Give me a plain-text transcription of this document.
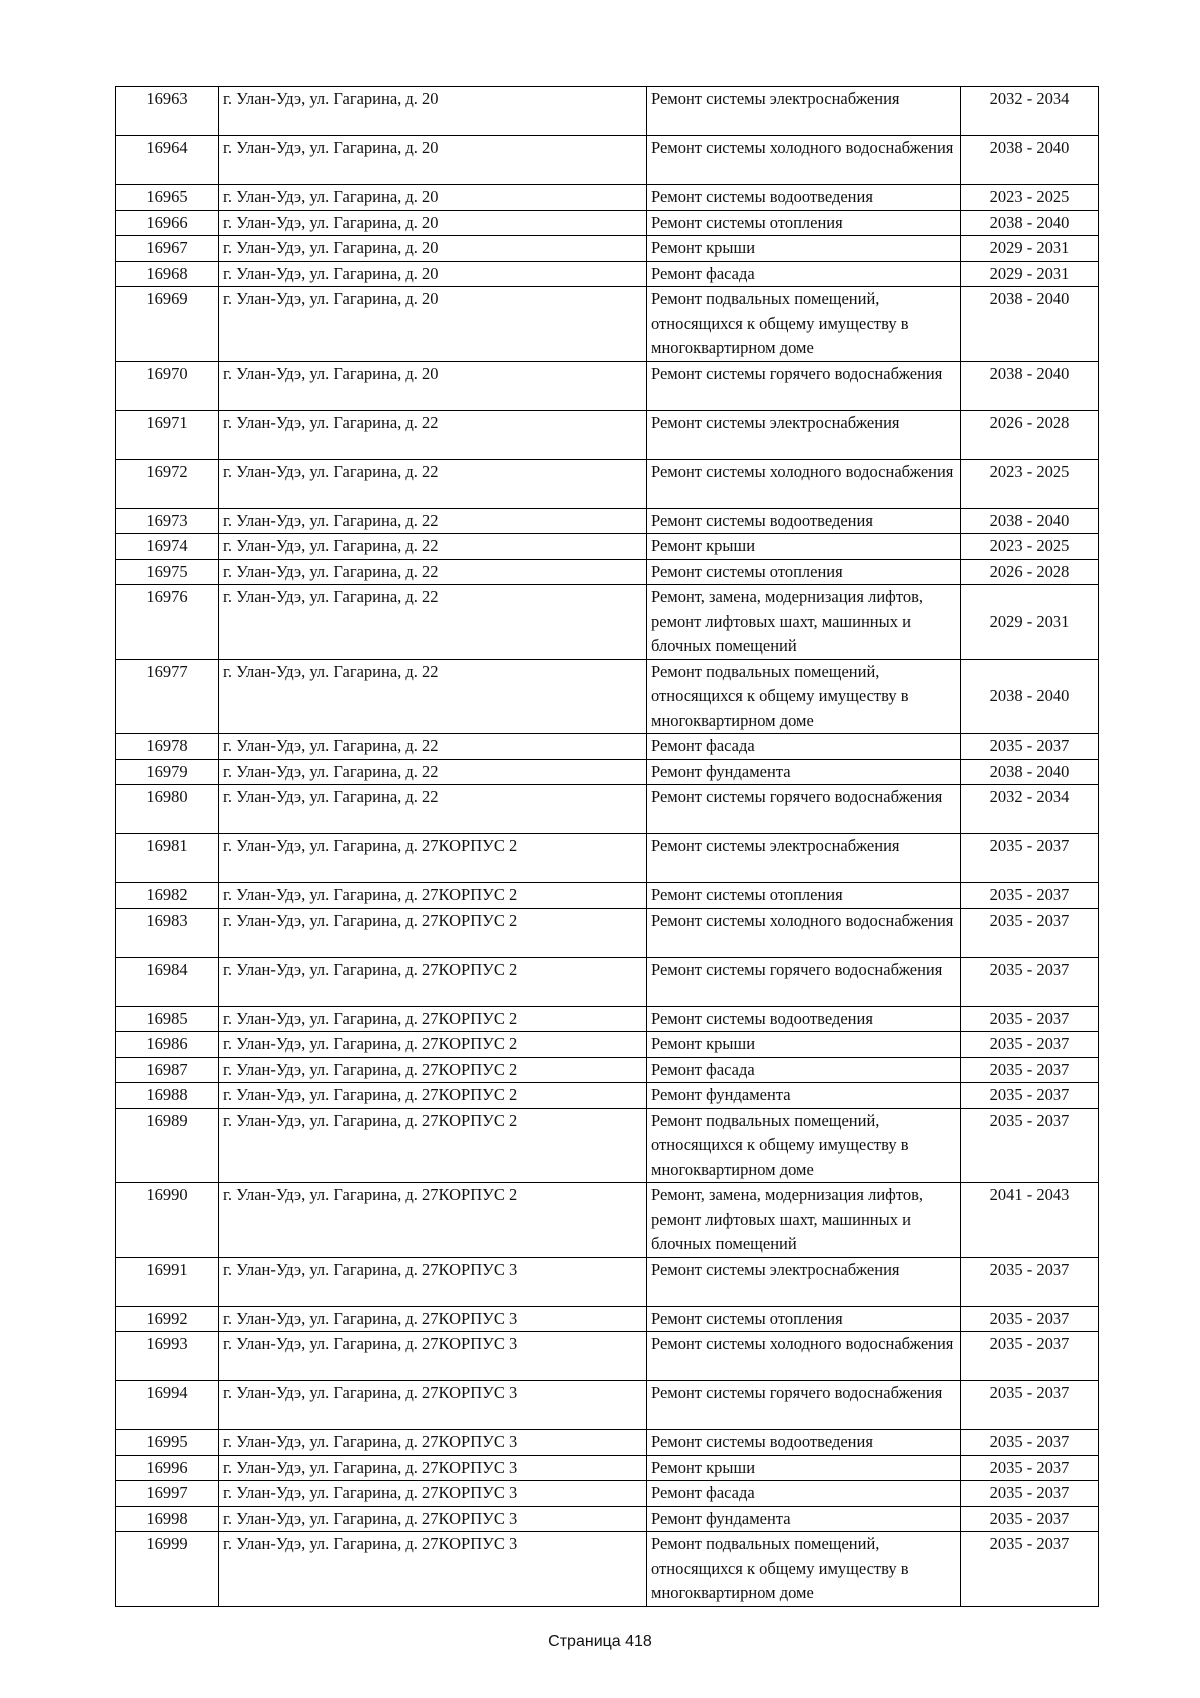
16963	г. Улан-Удэ, ул. Гагарина, д. 20	Ремонт системы электроснабжения	2032 - 2034
16964	г. Улан-Удэ, ул. Гагарина, д. 20	Ремонт системы холодного водоснабжения	2038 - 2040
16965	г. Улан-Удэ, ул. Гагарина, д. 20	Ремонт системы водоотведения	2023 - 2025
16966	г. Улан-Удэ, ул. Гагарина, д. 20	Ремонт системы отопления	2038 - 2040
16967	г. Улан-Удэ, ул. Гагарина, д. 20	Ремонт крыши	2029 - 2031
16968	г. Улан-Удэ, ул. Гагарина, д. 20	Ремонт фасада	2029 - 2031
16969	г. Улан-Удэ, ул. Гагарина, д. 20	Ремонт подвальных помещений, относящихся к общему имуществу в многоквартирном доме	2038 - 2040
16970	г. Улан-Удэ, ул. Гагарина, д. 20	Ремонт системы горячего водоснабжения	2038 - 2040
16971	г. Улан-Удэ, ул. Гагарина, д. 22	Ремонт системы электроснабжения	2026 - 2028
16972	г. Улан-Удэ, ул. Гагарина, д. 22	Ремонт системы холодного водоснабжения	2023 - 2025
16973	г. Улан-Удэ, ул. Гагарина, д. 22	Ремонт системы водоотведения	2038 - 2040
16974	г. Улан-Удэ, ул. Гагарина, д. 22	Ремонт крыши	2023 - 2025
16975	г. Улан-Удэ, ул. Гагарина, д. 22	Ремонт системы отопления	2026 - 2028
16976	г. Улан-Удэ, ул. Гагарина, д. 22	Ремонт, замена, модернизация лифтов, ремонт лифтовых шахт, машинных и блочных помещений	2029 - 2031
16977	г. Улан-Удэ, ул. Гагарина, д. 22	Ремонт подвальных помещений, относящихся к общему имуществу в многоквартирном доме	2038 - 2040
16978	г. Улан-Удэ, ул. Гагарина, д. 22	Ремонт фасада	2035 - 2037
16979	г. Улан-Удэ, ул. Гагарина, д. 22	Ремонт фундамента	2038 - 2040
16980	г. Улан-Удэ, ул. Гагарина, д. 22	Ремонт системы горячего водоснабжения	2032 - 2034
16981	г. Улан-Удэ, ул. Гагарина, д. 27КОРПУС 2	Ремонт системы электроснабжения	2035 - 2037
16982	г. Улан-Удэ, ул. Гагарина, д. 27КОРПУС 2	Ремонт системы отопления	2035 - 2037
16983	г. Улан-Удэ, ул. Гагарина, д. 27КОРПУС 2	Ремонт системы холодного водоснабжения	2035 - 2037
16984	г. Улан-Удэ, ул. Гагарина, д. 27КОРПУС 2	Ремонт системы горячего водоснабжения	2035 - 2037
16985	г. Улан-Удэ, ул. Гагарина, д. 27КОРПУС 2	Ремонт системы водоотведения	2035 - 2037
16986	г. Улан-Удэ, ул. Гагарина, д. 27КОРПУС 2	Ремонт крыши	2035 - 2037
16987	г. Улан-Удэ, ул. Гагарина, д. 27КОРПУС 2	Ремонт фасада	2035 - 2037
16988	г. Улан-Удэ, ул. Гагарина, д. 27КОРПУС 2	Ремонт фундамента	2035 - 2037
16989	г. Улан-Удэ, ул. Гагарина, д. 27КОРПУС 2	Ремонт подвальных помещений, относящихся к общему имуществу в многоквартирном доме	2035 - 2037
16990	г. Улан-Удэ, ул. Гагарина, д. 27КОРПУС 2	Ремонт, замена, модернизация лифтов, ремонт лифтовых шахт, машинных и блочных помещений	2041 - 2043
16991	г. Улан-Удэ, ул. Гагарина, д. 27КОРПУС 3	Ремонт системы электроснабжения	2035 - 2037
16992	г. Улан-Удэ, ул. Гагарина, д. 27КОРПУС 3	Ремонт системы отопления	2035 - 2037
16993	г. Улан-Удэ, ул. Гагарина, д. 27КОРПУС 3	Ремонт системы холодного водоснабжения	2035 - 2037
16994	г. Улан-Удэ, ул. Гагарина, д. 27КОРПУС 3	Ремонт системы горячего водоснабжения	2035 - 2037
16995	г. Улан-Удэ, ул. Гагарина, д. 27КОРПУС 3	Ремонт системы водоотведения	2035 - 2037
16996	г. Улан-Удэ, ул. Гагарина, д. 27КОРПУС 3	Ремонт крыши	2035 - 2037
16997	г. Улан-Удэ, ул. Гагарина, д. 27КОРПУС 3	Ремонт фасада	2035 - 2037
16998	г. Улан-Удэ, ул. Гагарина, д. 27КОРПУС 3	Ремонт фундамента	2035 - 2037
16999	г. Улан-Удэ, ул. Гагарина, д. 27КОРПУС 3	Ремонт подвальных помещений, относящихся к общему имуществу в многоквартирном доме	2035 - 2037
Страница 418
